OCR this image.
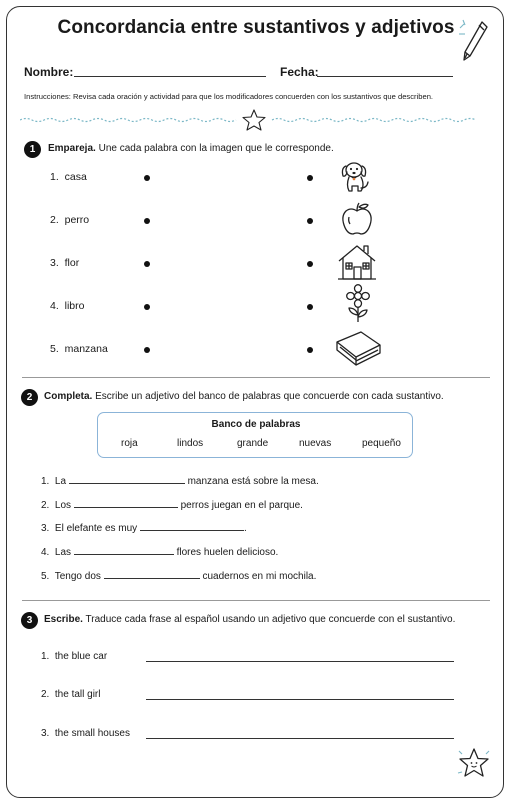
Concordancia entre sustantivos y adjetivos
Nombre:	Fecha:
Instrucciones: Revisa cada oración y actividad para que los modificadores concuerden con los sustantivos que describen.
1	Empareja. Une cada palabra con la imagen que le corresponde.
1. casa
2. perro
3. flor
4. libro
5. manzana
2	Completa. Escribe un adjetivo del banco de palabras que concuerde con cada sustantivo.
Banco de palabras
roja	lindos	grande	nuevas	pequeño
1. La	manzana está sobre la mesa.
2. Los	perros juegan en el parque.
3. El elefante es muy	.
4. Las	flores huelen delicioso.
5. Tengo dos	cuadernos en mi mochila.
3	Escribe. Traduce cada frase al español usando un adjetivo que concuerde con el sustantivo.
1. the blue car
2. the tall girl
3. the small houses
